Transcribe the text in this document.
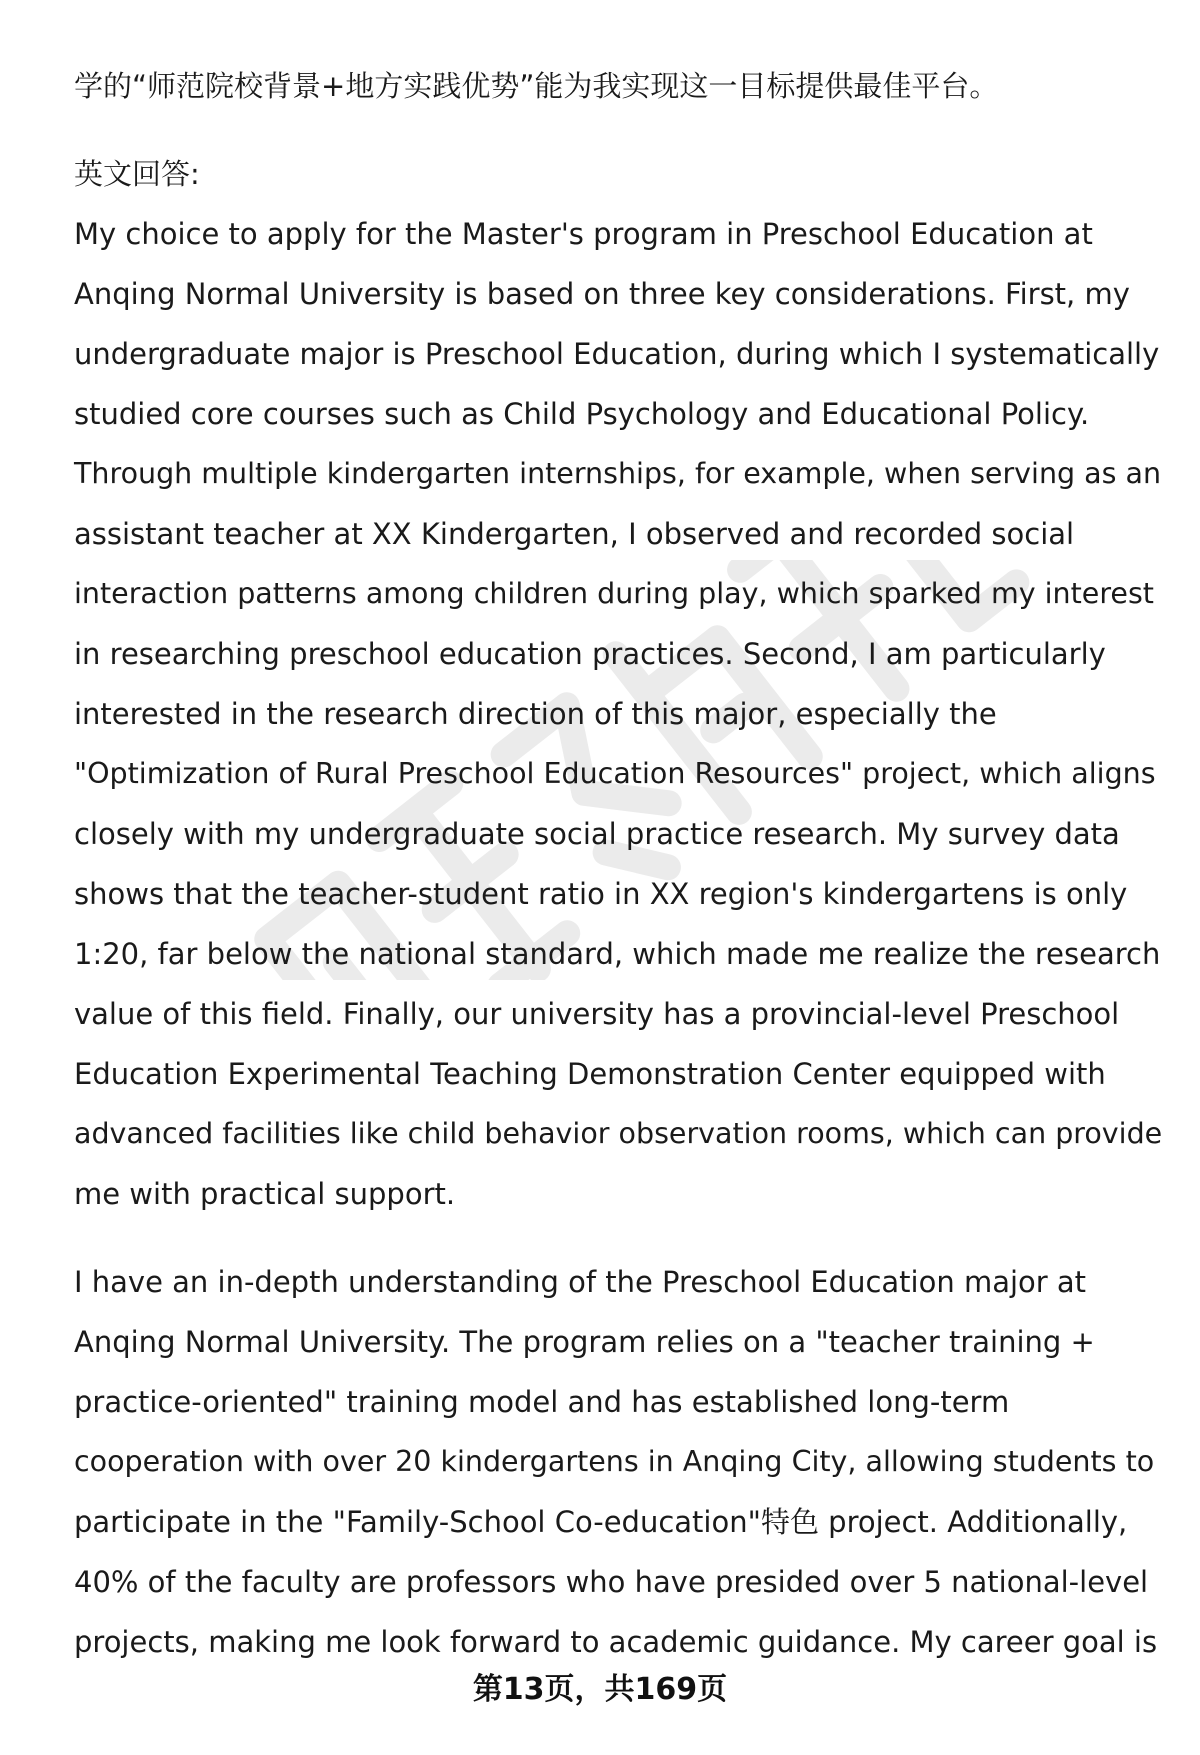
学的“师范院校背景+地方实践优势”能为我实现这一目标提供最佳平台。
英文回答:
My choice to apply for the Master's program in Preschool Education at
Anqing Normal University is based on three key considerations. First, my
undergraduate major is Preschool Education, during which I systematically
studied core courses such as Child Psychology and Educational Policy.
Through multiple kindergarten internships, for example, when serving as an
assistant teacher at XX Kindergarten, I observed and recorded social
interaction patterns among children during play, which sparked my interest
in researching preschool education practices. Second, I am particularly
interested in the research direction of this major, especially the
"Optimization of Rural Preschool Education Resources" project, which aligns
closely with my undergraduate social practice research. My survey data
shows that the teacher-student ratio in XX region's kindergartens is only
1:20, far below the national standard, which made me realize the research
value of this field. Finally, our university has a provincial-level Preschool
Education Experimental Teaching Demonstration Center equipped with
advanced facilities like child behavior observation rooms, which can provide
me with practical support.
I have an in-depth understanding of the Preschool Education major at
Anqing Normal University. The program relies on a "teacher training +
practice-oriented" training model and has established long-term
cooperation with over 20 kindergartens in Anqing City, allowing students to
participate in the "Family-School Co-education"特色 project. Additionally,
40% of the faculty are professors who have presided over 5 national-level
projects, making me look forward to academic guidance. My career goal is
第13页，共169页
